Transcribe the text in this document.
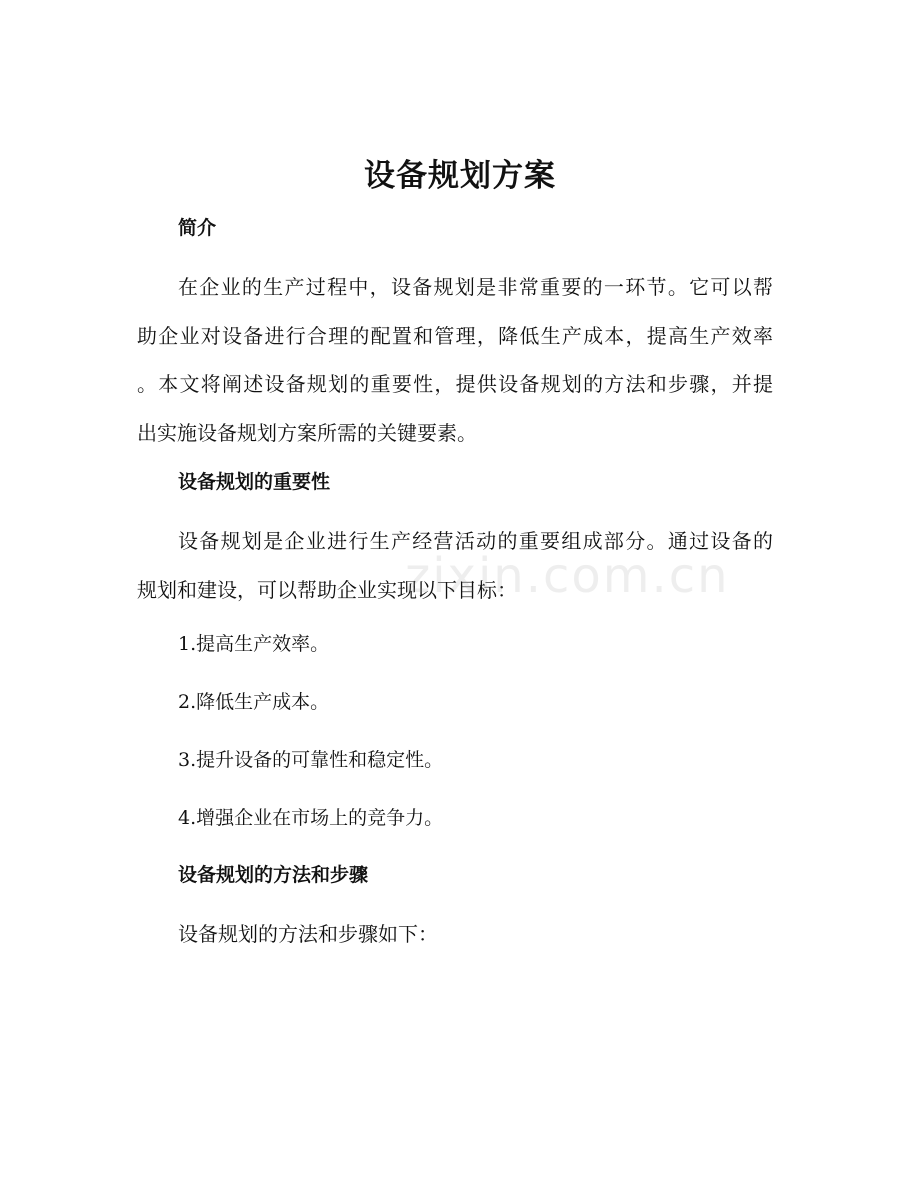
设备规划方案
简介

在企业的生产过程中，设备规划是非常重要的一环节。它可以帮
助企业对设备进行合理的配置和管理，降低生产成本，提高生产效率
。本文将阐述设备规划的重要性，提供设备规划的方法和步骤，并提
出实施设备规划方案所需的关键要素。

设备规划的重要性

设备规划是企业进行生产经营活动的重要组成部分。通过设备的
规划和建设，可以帮助企业实现以下目标：

1.提高生产效率。

2.降低生产成本。

3.提升设备的可靠性和稳定性。

4.增强企业在市场上的竞争力。

设备规划的方法和步骤

设备规划的方法和步骤如下：

zixin.com.cn
